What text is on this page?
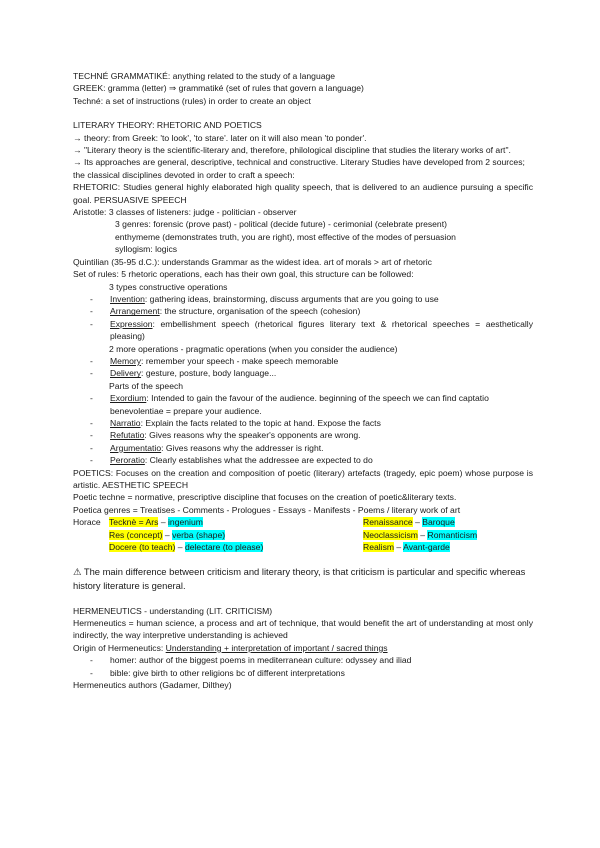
TECHNÉ GRAMMATIKÉ: anything related to the study of a language

GREEK: gramma (letter) ⇒ grammatiké (set of rules that govern a language)

Techné: a set of instructions (rules) in order to create an object

LITERARY THEORY: RHETORIC AND POETICS

→ theory: from Greek: 'to look', 'to stare'. later on it will also mean 'to ponder'.

→ "Literary theory is the scientific-literary and, therefore, philological discipline that studies the literary works of art".

→ Its approaches are general, descriptive, technical and constructive. Literary Studies have developed from 2 sources; the classical disciplines devoted in order to craft a speech:

RHETORIC: Studies general highly elaborated high quality speech, that is delivered to an audience pursuing a specific goal. PERSUASIVE SPEECH

Aristotle: 3 classes of listeners: judge - politician - observer

3 genres: forensic (prove past) - political (decide future) - cerimonial (celebrate present)

enthymeme (demonstrates truth, you are right), most effective of the modes of persuasion

syllogism: logics

Quintilian (35-95 d.C.): understands Grammar as the widest idea. art of morals > art of rhetoric

Set of rules: 5 rhetoric operations, each has their own goal, this structure can be followed:

3 types constructive operations

- Invention: gathering ideas, brainstorming, discuss arguments that are you going to use
- Arrangement: the structure, organisation of the speech (cohesion)
- Expression: embellishment speech (rhetorical figures literary text & rhetorical speeches = aesthetically pleasing)

2 more operations - pragmatic operations (when you consider the audience)

- Memory: remember your speech - make speech memorable
- Delivery: gesture, posture, body language...

Parts of the speech

- Exordium: Intended to gain the favour of the audience. beginning of the speech we can find captatio benevolentiae = prepare your audience.
- Narratio: Explain the facts related to the topic at hand. Expose the facts
- Refutatio: Gives reasons why the speaker's opponents are wrong.
- Argumentatio: Gives reasons why the addresser is right.
- Peroratio: Clearly establishes what the addressee are expected to do

POETICS: Focuses on the creation and composition of poetic (literary) artefacts (tragedy, epic poem) whose purpose is artistic. AESTHETIC SPEECH

Poetic techne = normative, prescriptive discipline that focuses on the creation of poetic&literary texts.

Poetica genres = Treatises - Comments - Prologues - Essays - Manifests - Poems / literary work of art

Horace Tecknè = Ars – ingenium
Res (concept) – verba (shape)
Docere (to teach) – delectare (to please)
Renaissance – Baroque
Neoclassicism – Romanticism
Realism – Avant-garde

⚠ The main difference between criticism and literary theory, is that criticism is particular and specific whereas history literature is general.

HERMENEUTICS - understanding (LIT. CRITICISM)

Hermeneutics = human science, a process and art of technique, that would benefit the art of understanding at most only indirectly, the way interpretive understanding is achieved

Origin of Hermeneutics: Understanding + interpretation of important / sacred things

- homer: author of the biggest poems in mediterranean culture: odyssey and iliad
- bible: give birth to other religions bc of different interpretations

Hermeneutics authors (Gadamer, Dilthey)
